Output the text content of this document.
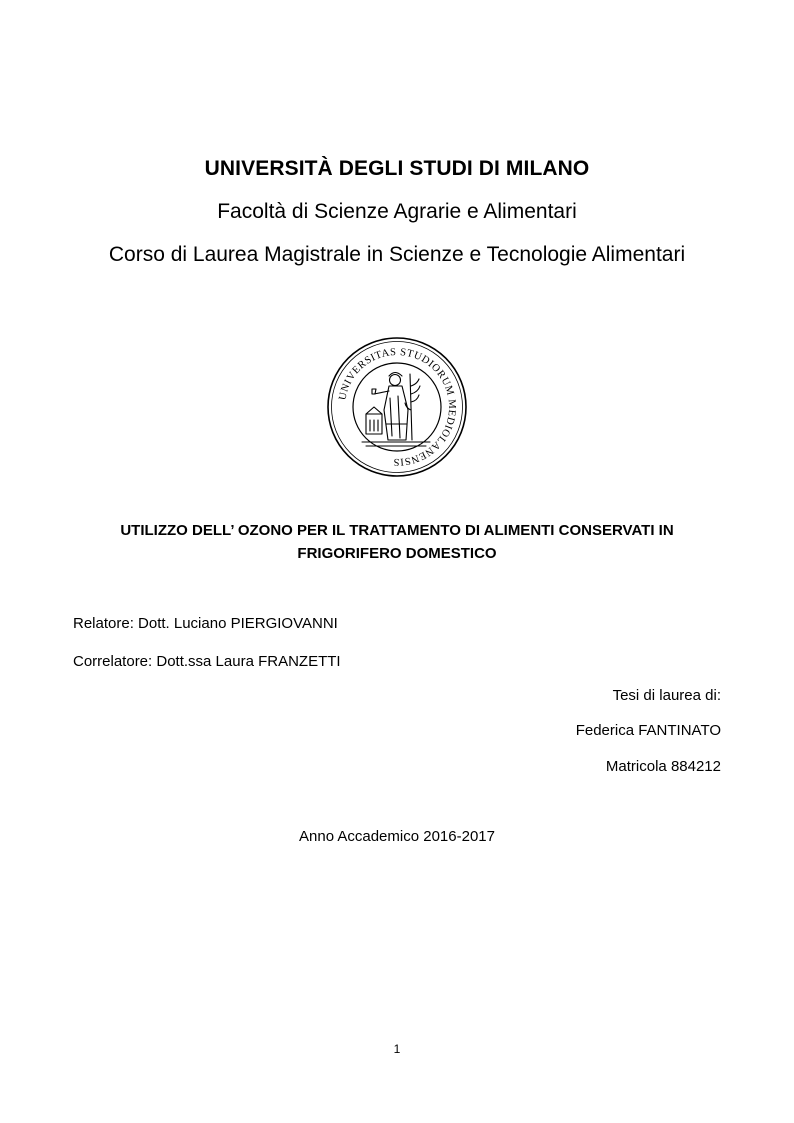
UNIVERSITÀ DEGLI STUDI DI MILANO
Facoltà di Scienze Agrarie e Alimentari
Corso di Laurea Magistrale in Scienze e Tecnologie Alimentari
UNIVERSITAS STUDIORUM MEDIOLANENSIS
UTILIZZO DELL’ OZONO PER IL TRATTAMENTO DI ALIMENTI CONSERVATI IN
FRIGORIFERO DOMESTICO
Relatore: Dott. Luciano PIERGIOVANNI
Correlatore: Dott.ssa Laura FRANZETTI
Tesi di laurea di:
Federica FANTINATO
Matricola 884212
Anno Accademico 2016-2017
1
